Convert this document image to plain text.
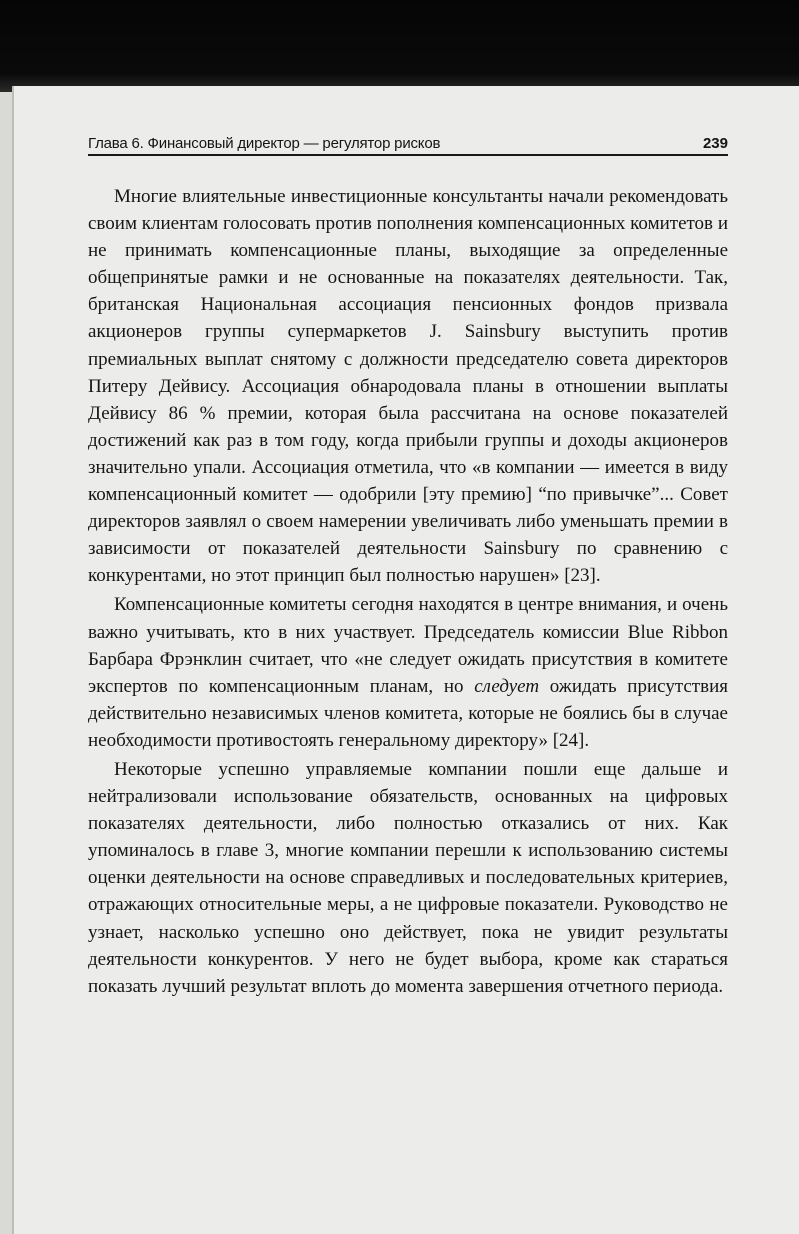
Глава 6. Финансовый директор — регулятор рисков	239

Многие влиятельные инвестиционные консультанты начали рекомендовать своим клиентам голосовать против пополнения компенсационных комитетов и не принимать компенсационные планы, выходящие за определенные общепринятые рамки и не основанные на показателях деятельности. Так, британская Национальная ассоциация пенсионных фондов призвала акционеров группы супермаркетов J. Sainsbury выступить против премиальных выплат снятому с должности председателю совета директоров Питеру Дейвису. Ассоциация обнародовала планы в отношении выплаты Дейвису 86 % премии, которая была рассчитана на основе показателей достижений как раз в том году, когда прибыли группы и доходы акционеров значительно упали. Ассоциация отметила, что «в компании — имеется в виду компенсационный комитет — одобрили [эту премию] “по привычке”... Совет директоров заявлял о своем намерении увеличивать либо уменьшать премии в зависимости от показателей деятельности Sainsbury по сравнению с конкурентами, но этот принцип был полностью нарушен» [23].

Компенсационные комитеты сегодня находятся в центре внимания, и очень важно учитывать, кто в них участвует. Председатель комиссии Blue Ribbon Барбара Фрэнклин считает, что «не следует ожидать присутствия в комитете экспертов по компенсационным планам, но следует ожидать присутствия действительно независимых членов комитета, которые не боялись бы в случае необходимости противостоять генеральному директору» [24].

Некоторые успешно управляемые компании пошли еще дальше и нейтрализовали использование обязательств, основанных на цифровых показателях деятельности, либо полностью отказались от них. Как упоминалось в главе 3, многие компании перешли к использованию системы оценки деятельности на основе справедливых и последовательных критериев, отражающих относительные меры, а не цифровые показатели. Руководство не узнает, насколько успешно оно действует, пока не увидит результаты деятельности конкурентов. У него не будет выбора, кроме как стараться показать лучший результат вплоть до момента завершения отчетного периода.
